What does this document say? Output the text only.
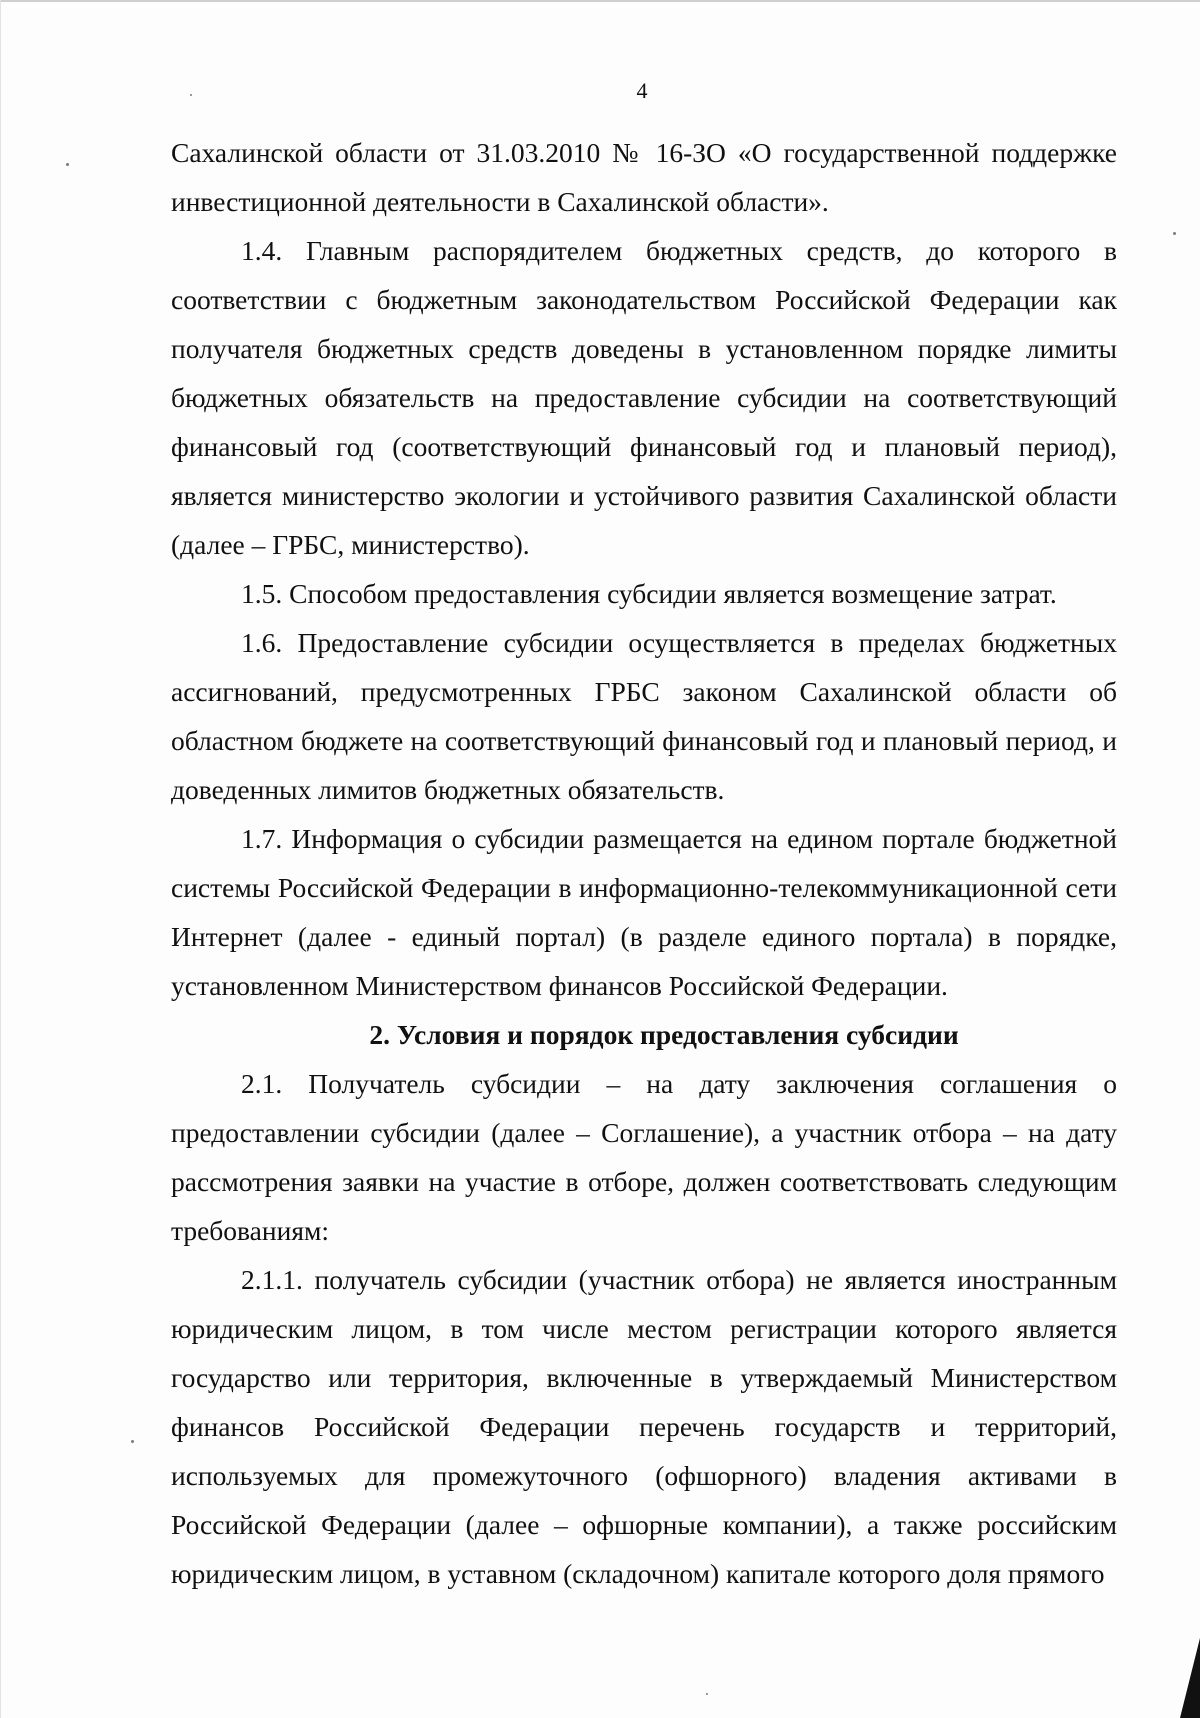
4

Сахалинской области от 31.03.2010 № 16-ЗО «О государственной поддержке инвестиционной деятельности в Сахалинской области».

1.4. Главным распорядителем бюджетных средств, до которого в соответствии с бюджетным законодательством Российской Федерации как получателя бюджетных средств доведены в установленном порядке лимиты бюджетных обязательств на предоставление субсидии на соответствующий финансовый год (соответствующий финансовый год и плановый период), является министерство экологии и устойчивого развития Сахалинской области (далее – ГРБС, министерство).

1.5. Способом предоставления субсидии является возмещение затрат.

1.6. Предоставление субсидии осуществляется в пределах бюджетных ассигнований, предусмотренных ГРБС законом Сахалинской области об областном бюджете на соответствующий финансовый год и плановый период, и доведенных лимитов бюджетных обязательств.

1.7. Информация о субсидии размещается на едином портале бюджетной системы Российской Федерации в информационно-телекоммуникационной сети Интернет (далее - единый портал) (в разделе единого портала) в порядке, установленном Министерством финансов Российской Федерации.

2. Условия и порядок предоставления субсидии

2.1. Получатель субсидии – на дату заключения соглашения о предоставлении субсидии (далее – Соглашение), а участник отбора – на дату рассмотрения заявки на участие в отборе, должен соответствовать следующим требованиям:

2.1.1. получатель субсидии (участник отбора) не является иностранным юридическим лицом, в том числе местом регистрации которого является государство или территория, включенные в утверждаемый Министерством финансов Российской Федерации перечень государств и территорий, используемых для промежуточного (офшорного) владения активами в Российской Федерации (далее – офшорные компании), а также российским юридическим лицом, в уставном (складочном) капитале которого доля прямого
